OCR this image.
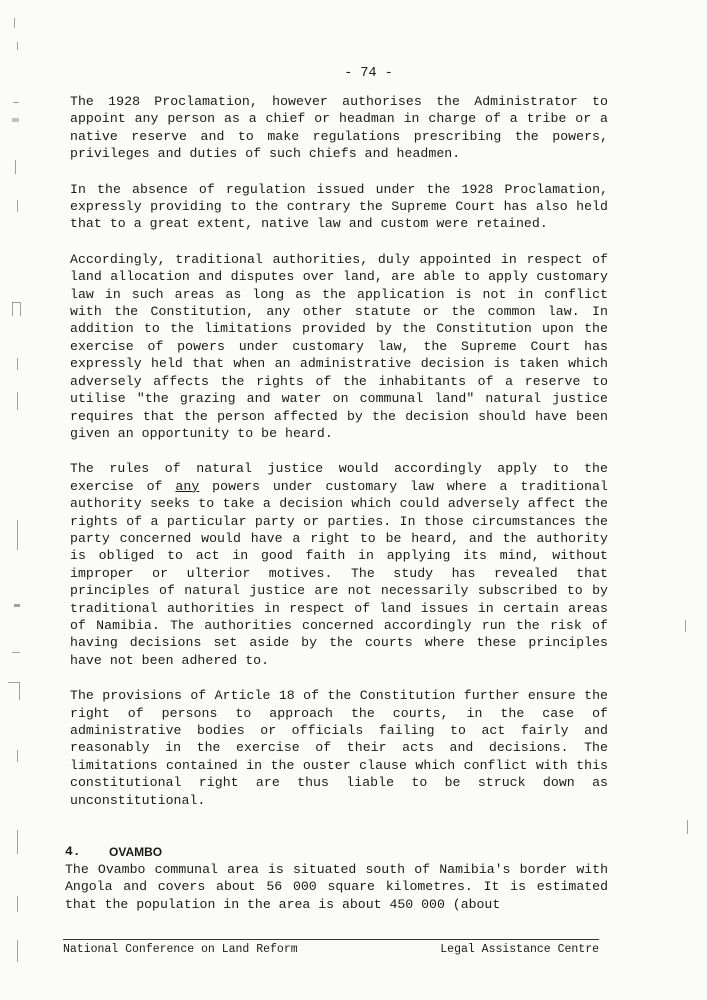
- 74 -

The 1928 Proclamation, however authorises the Administrator to appoint any person as a chief or headman in charge of a tribe or a native reserve and to make regulations prescribing the powers, privileges and duties of such chiefs and headmen.

In the absence of regulation issued under the 1928 Proclamation, expressly providing to the contrary the Supreme Court has also held that to a great extent, native law and custom were retained.

Accordingly, traditional authorities, duly appointed in respect of land allocation and disputes over land, are able to apply customary law in such areas as long as the application is not in conflict with the Constitution, any other statute or the common law. In addition to the limitations provided by the Constitution upon the exercise of powers under customary law, the Supreme Court has expressly held that when an administrative decision is taken which adversely affects the rights of the inhabitants of a reserve to utilise "the grazing and water on communal land" natural justice requires that the person affected by the decision should have been given an opportunity to be heard.

The rules of natural justice would accordingly apply to the exercise of any powers under customary law where a traditional authority seeks to take a decision which could adversely affect the rights of a particular party or parties. In those circumstances the party concerned would have a right to be heard, and the authority is obliged to act in good faith in applying its mind, without improper or ulterior motives. The study has revealed that principles of natural justice are not necessarily subscribed to by traditional authorities in respect of land issues in certain areas of Namibia. The authorities concerned accordingly run the risk of having decisions set aside by the courts where these principles have not been adhered to.

The provisions of Article 18 of the Constitution further ensure the right of persons to approach the courts, in the case of administrative bodies or officials failing to act fairly and reasonably in the exercise of their acts and decisions. The limitations contained in the ouster clause which conflict with this constitutional right are thus liable to be struck down as unconstitutional.

4.	OVAMBO

The Ovambo communal area is situated south of Namibia's border with Angola and covers about 56 000 square kilometres. It is estimated that the population in the area is about 450 000 (about

National Conference on Land Reform	Legal Assistance Centre
